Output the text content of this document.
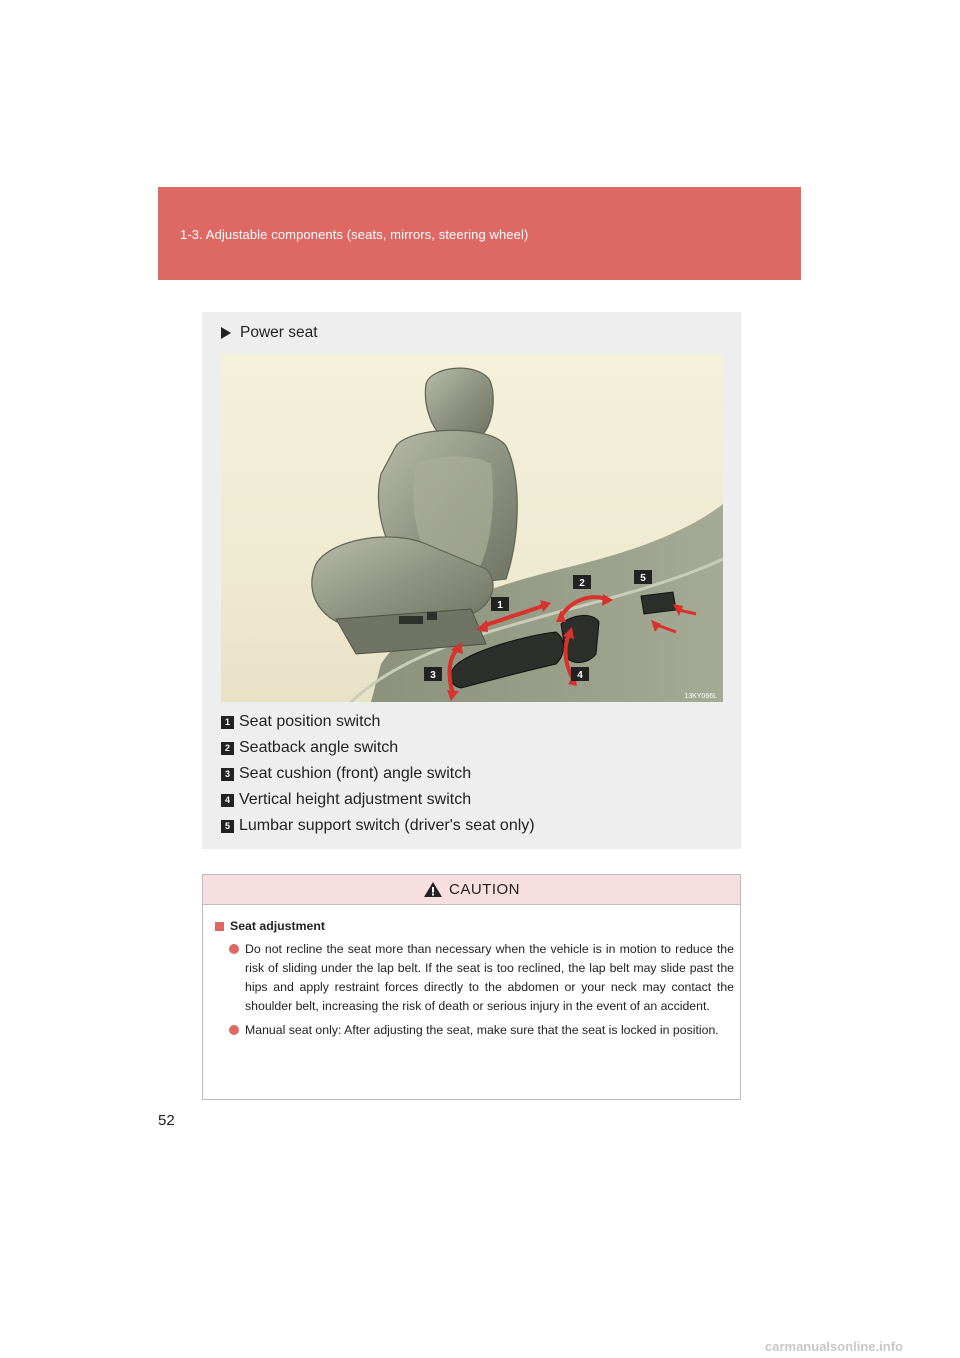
1-3. Adjustable components (seats, mirrors, steering wheel)
Power seat
1
2
3	4
5
13KY066L
1 Seat position switch
2 Seatback angle switch
3 Seat cushion (front) angle switch
4 Vertical height adjustment switch
5 Lumbar support switch (driver's seat only)
CAUTION
Seat adjustment
Do not recline the seat more than necessary when the vehicle is in motion to reduce the risk of sliding under the lap belt. If the seat is too reclined, the lap belt may slide past the hips and apply restraint forces directly to the abdomen or your neck may contact the shoulder belt, increasing the risk of death or serious injury in the event of an accident.
Manual seat only: After adjusting the seat, make sure that the seat is locked in position.
52
carmanualsonline.info
